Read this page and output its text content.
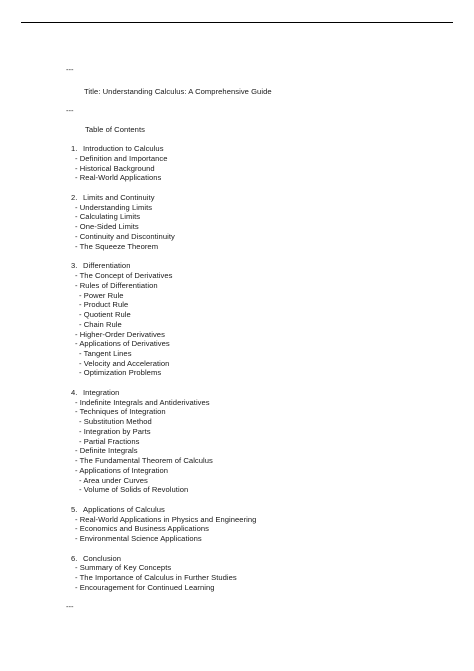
---
Title: Understanding Calculus: A Comprehensive Guide
---
Table of Contents
1. Introduction to Calculus
- Definition and Importance
- Historical Background
- Real-World Applications
2. Limits and Continuity
- Understanding Limits
- Calculating Limits
- One-Sided Limits
- Continuity and Discontinuity
- The Squeeze Theorem
3. Differentiation
- The Concept of Derivatives
- Rules of Differentiation
- Power Rule
- Product Rule
- Quotient Rule
- Chain Rule
- Higher-Order Derivatives
- Applications of Derivatives
- Tangent Lines
- Velocity and Acceleration
- Optimization Problems
4. Integration
- Indefinite Integrals and Antiderivatives
- Techniques of Integration
- Substitution Method
- Integration by Parts
- Partial Fractions
- Definite Integrals
- The Fundamental Theorem of Calculus
- Applications of Integration
- Area under Curves
- Volume of Solids of Revolution
5. Applications of Calculus
- Real-World Applications in Physics and Engineering
- Economics and Business Applications
- Environmental Science Applications
6. Conclusion
- Summary of Key Concepts
- The Importance of Calculus in Further Studies
- Encouragement for Continued Learning
---
